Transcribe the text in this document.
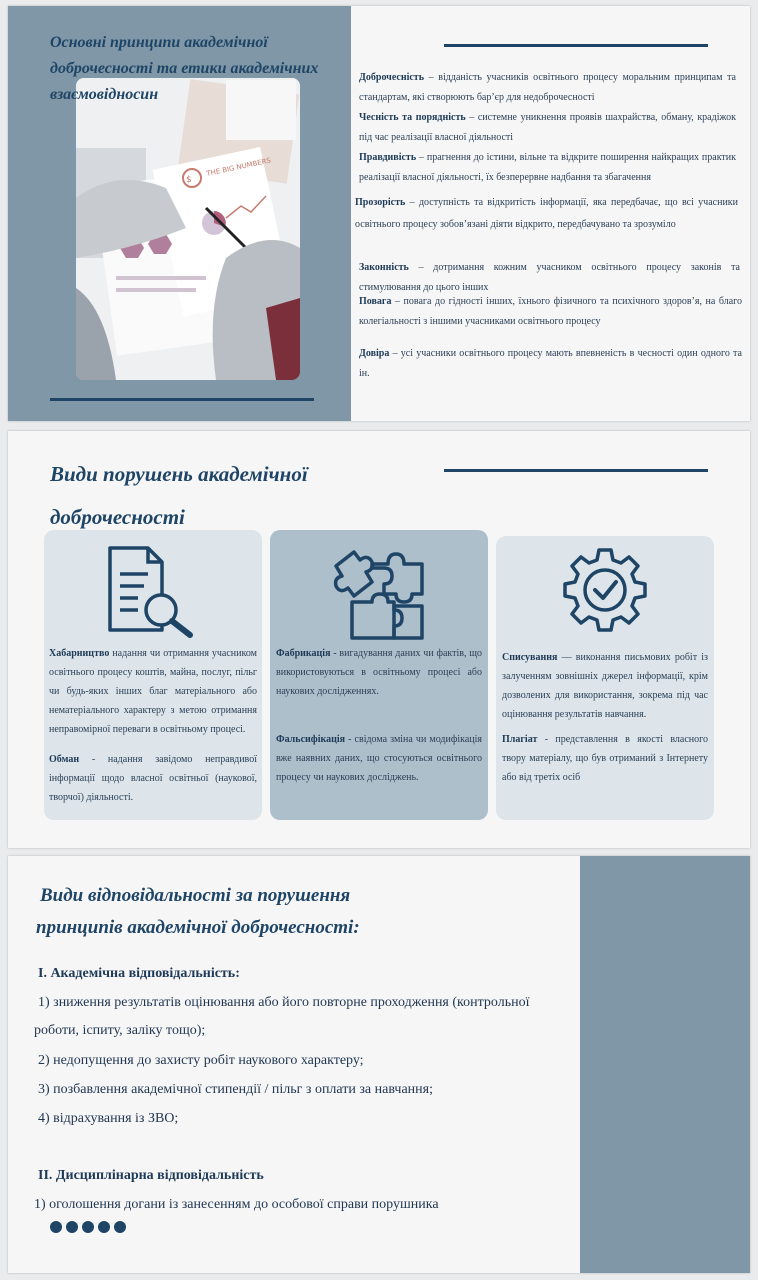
Основні принципи академічної доброчесності та етики академічних взаємовідносин
$
THE BIG NUMBERS
Доброчесність – відданість учасників освітнього процесу моральним принципам та стандартам, які створюють бар’єр для недоброчесності
Чесність та порядність – системне уникнення проявів шахрайства, обману, крадіжок під час реалізації власної діяльності
Правдивість – прагнення до істини, вільне та відкрите поширення найкращих практик реалізації власної діяльності, їх безперервне надбання та збагачення
Прозорість – доступність та відкритість інформації, яка передбачає, що всі учасники освітнього процесу зобов’язані діяти відкрито, передбачувано та зрозуміло
Законність – дотримання кожним учасником освітнього процесу законів та стимулювання до цього інших
Повага – повага до гідності інших, їхнього фізичного та психічного здоров’я, на благо колегіальності з іншими учасниками освітнього процесу
Довіра – усі учасники освітнього процесу мають впевненість в чесності один одного та ін.
Види порушень академічної доброчесності
Хабарництво надання чи отримання учасником освітнього процесу коштів, майна, послуг, пільг чи будь-яких інших благ матеріального або нематеріального характеру з метою отримання неправомірної переваги в освітньому процесі.
Обман - надання завідомо неправдивої інформації щодо власної освітньої (наукової, творчої) діяльності.
Фабрикація - вигадування даних чи фактів, що використовуються в освітньому процесі або наукових дослідженнях.
Фальсифікація - свідома зміна чи модифікація вже наявних даних, що стосуються освітнього процесу чи наукових досліджень.
Списування — виконання письмових робіт із залученням зовнішніх джерел інформації, крім дозволених для використання, зокрема під час оцінювання результатів навчання.
Плагіат - представлення в якості власного твору матеріалу, що був отриманий з Інтернету або від третіх осіб
Види відповідальності за порушення
принципів академічної доброчесності:
I. Академічна відповідальність:
1) зниження результатів оцінювання або його повторне проходження (контрольної
роботи, іспиту, заліку тощо);
2) недопущення до захисту робіт наукового характеру;
3) позбавлення академічної стипендії / пільг з оплати за навчання;
4) відрахування із ЗВО;
II. Дисциплінарна відповідальність
1) оголошення догани із занесенням до особової справи порушника
